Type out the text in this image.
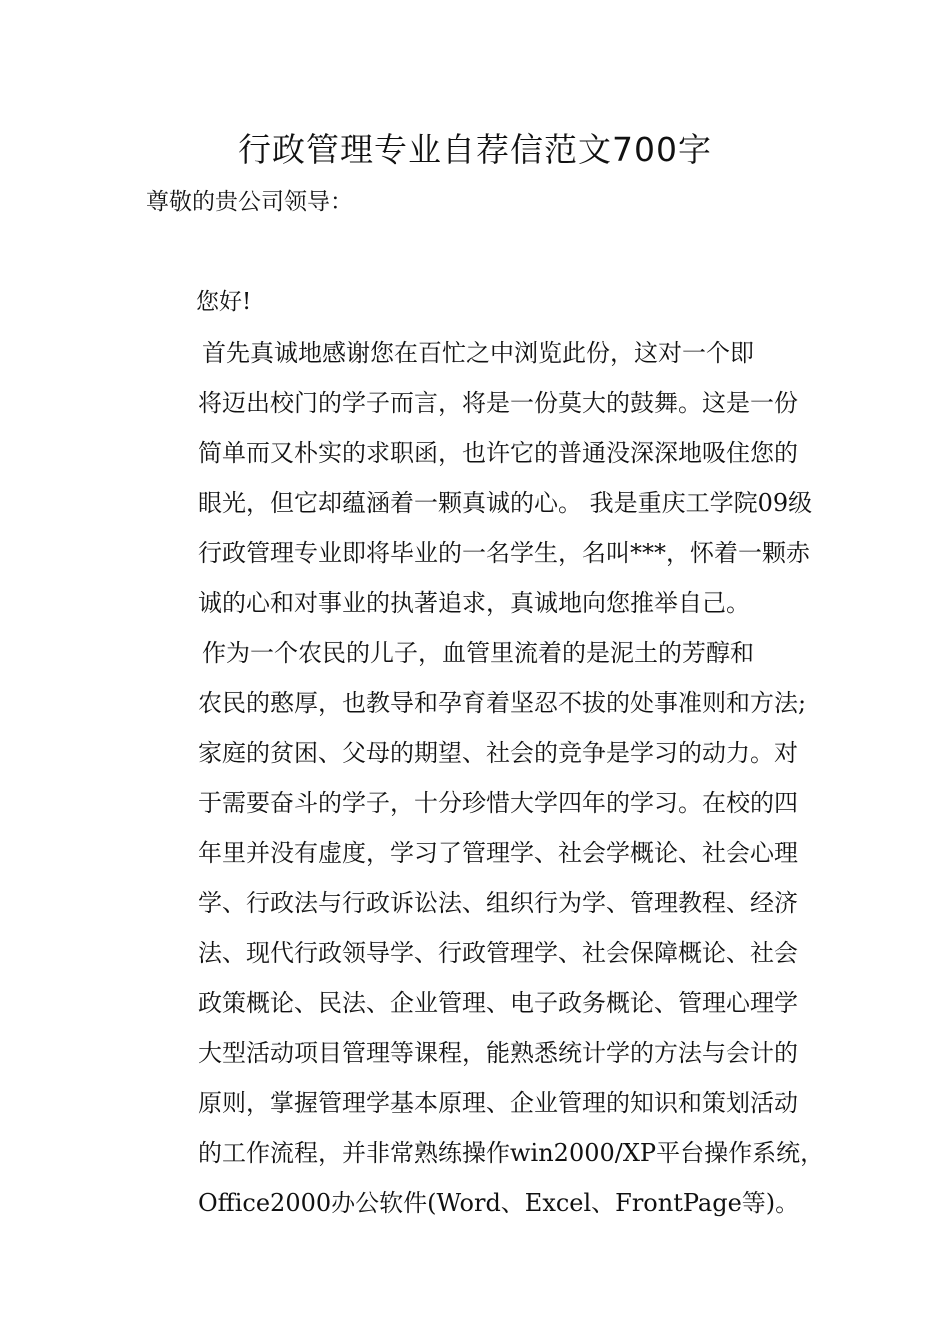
行政管理专业自荐信范文700字

尊敬的贵公司领导：

您好!

首先真诚地感谢您在百忙之中浏览此份，这对一个即
将迈出校门的学子而言，将是一份莫大的鼓舞。这是一份
简单而又朴实的求职函，也许它的普通没深深地吸住您的
眼光，但它却蕴涵着一颗真诚的心。 我是重庆工学院09级
行政管理专业即将毕业的一名学生，名叫***，怀着一颗赤
诚的心和对事业的执著追求，真诚地向您推举自己。
作为一个农民的儿子，血管里流着的是泥土的芳醇和
农民的憨厚，也教导和孕育着坚忍不拔的处事准则和方法;
家庭的贫困、父母的期望、社会的竞争是学习的动力。对
于需要奋斗的学子，十分珍惜大学四年的学习。在校的四
年里并没有虚度，学习了管理学、社会学概论、社会心理
学、行政法与行政诉讼法、组织行为学、管理教程、经济
法、现代行政领导学、行政管理学、社会保障概论、社会
政策概论、民法、企业管理、电子政务概论、管理心理学
大型活动项目管理等课程，能熟悉统计学的方法与会计的
原则，掌握管理学基本原理、企业管理的知识和策划活动
的工作流程，并非常熟练操作win2000/XP平台操作系统，
Office2000办公软件(Word、Excel、FrontPage等)。
